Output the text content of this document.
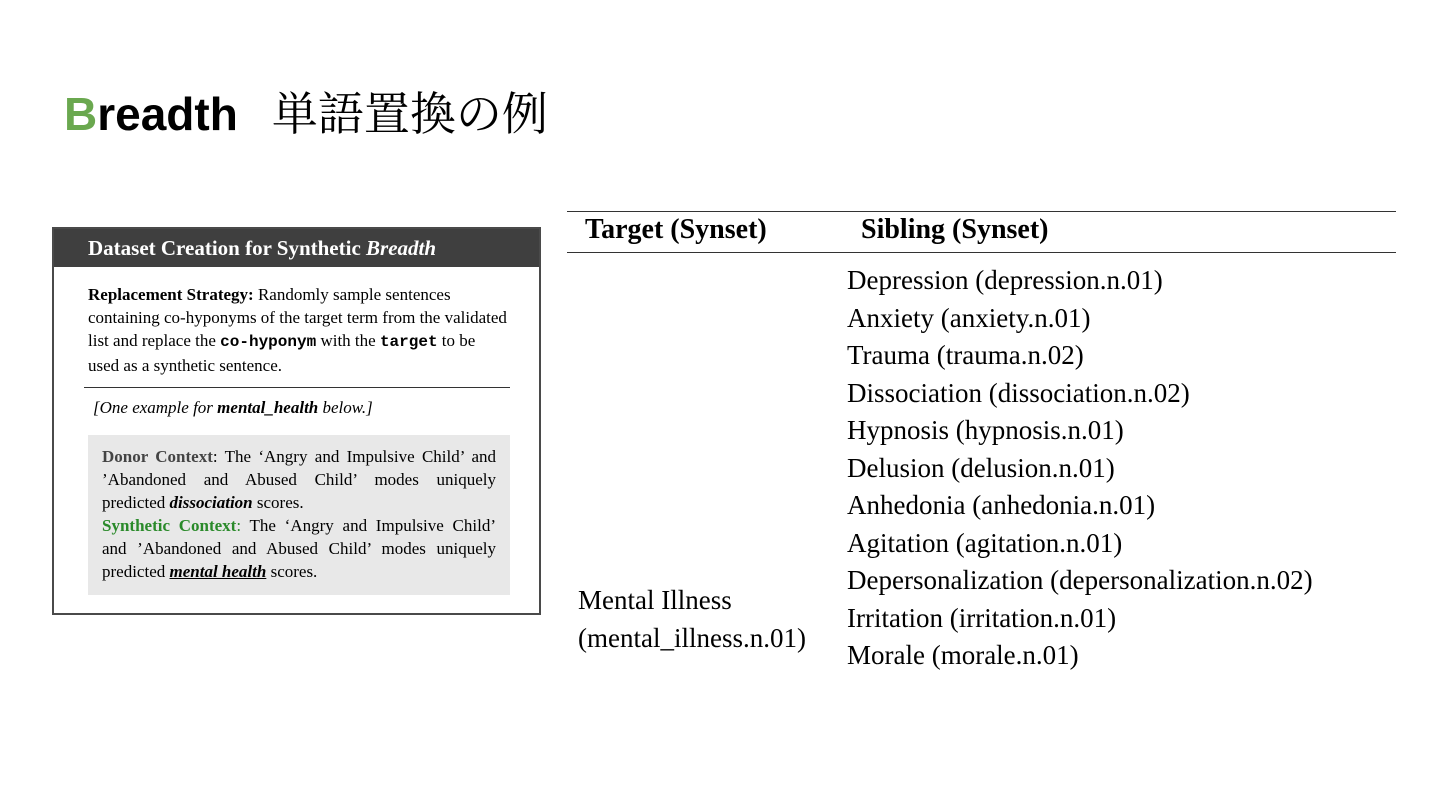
Breadth 単語置換の例
Dataset Creation for Synthetic Breadth
Replacement Strategy: Randomly sample sentences containing co-hyponyms of the target term from the validated list and replace the co-hyponym with the target to be used as a synthetic sentence.
[One example for mental_health below.]
Donor Context: The ‘Angry and Impulsive Child’ and ’Abandoned and Abused Child’ modes uniquely predicted dissociation scores.
Synthetic Context: The ‘Angry and Impulsive Child’ and ’Abandoned and Abused Child’ modes uniquely predicted mental health scores.
Target (Synset)	Sibling (Synset)
Mental Illness
(mental_illness.n.01)
Depression (depression.n.01)
Anxiety (anxiety.n.01)
Trauma (trauma.n.02)
Dissociation (dissociation.n.02)
Hypnosis (hypnosis.n.01)
Delusion (delusion.n.01)
Anhedonia (anhedonia.n.01)
Agitation (agitation.n.01)
Depersonalization (depersonalization.n.02)
Irritation (irritation.n.01)
Morale (morale.n.01)
